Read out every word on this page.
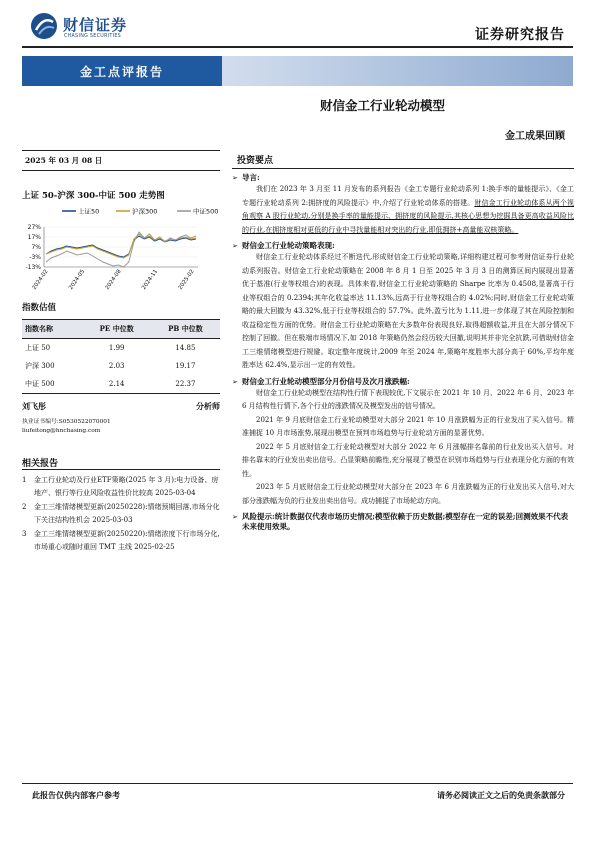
财信证券
CHASING SECURITIES	证券研究报告
金工点评报告
财信金工行业轮动模型
金工成果回顾
2025 年 03 月 08 日
上证 50-沪深 300-中证 500 走势图
上证50	沪深300	中证500
27%
17%
7%
-3%
-13%
2024-02	2024-05	2024-08	2024-11	2025-02
指数估值
指数名称	PE 中位数	PB 中位数
上证 50	1.99	14.85
沪深 300	2.03	19.17
中证 500	2.14	22.37
刘飞彤	分析师
执业证书编号:S0530522070001
liufeitong@hnchasing.com
相关报告
1	金工行业轮动及行业ETF策略(2025 年 3 月):电力设备、房地产、银行等行业风险收益性价比较高 2025-03-04
2	金工三维情绪模型更新(20250228):情绪预期回落,市场分化下关注结构性机会 2025-03-03
3	金工三维情绪模型更新(20250220):情绪浓度下行市场分化,市场重心或随时重回 TMT 主线 2025-02-25
投资要点
➢ 导言:

我们在 2023 年 3 月至 11 月发布的系列报告《金工专题行业轮动系列 1:换手率的量能提示》、《金工专题行业轮动系列 2:拥挤度的风险提示》中,介绍了行业轮动体系的搭建。财信金工行业轮动体系从两个视角观察 A 股行业轮动,分别是换手率的量能提示、拥挤度的风险提示,其核心思想为挖掘具备更高收益风险比的行业,在拥挤度相对更低的行业中寻找量能相对突出的行业,即低拥挤+高量能双核策略。

➢ 财信金工行业轮动策略表现:

财信金工行业轮动体系经过不断迭代,形成财信金工行业轮动策略,详细构建过程可参考财信证券行业轮动系列报告。财信金工行业轮动策略在 2008 年 8 月 1 日至 2025 年 3 月 3 日的测算区间内展现出显著优于基准(行业等权组合)的表现。具体来看,财信金工行业轮动策略的 Sharpe 比率为 0.4508,显著高于行业等权组合的 0.2394;其年化收益率达 11.13%,远高于行业等权组合的 4.02%;同时,财信金工行业轮动策略的最大回撤为 43.32%,低于行业等权组合的 57.7%。此外,盈亏比为 1.11,进一步体现了其在风险控制和收益稳定性方面的优势。财信金工行业轮动策略在大多数年份表现良好,取得超额收益,并且在大部分情况下控制了回撤。但在极端市场情况下,如 2018 年策略仍然会经历较大回撤,说明其并非完全抗跌,可借助财信金工三维情绪模型进行规避。取定整年度统计,2009 年至 2024 年,策略年度胜率大部分高于 60%,平均年度胜率达 62.4%,显示出一定的有效性。

➢ 财信金工行业轮动模型部分月份信号及次月涨跌幅:

财信金工行业轮动模型在结构性行情下表现较优,下文展示在 2021 年 10 月、2022 年 6 月、2023 年 6 月结构性行情下,各个行业的涨跌情况及模型发出的信号情况。

2021 年 9 月底财信金工行业轮动模型对大部分 2021 年 10 月涨跌幅为正的行业发出了买入信号。精准捕捉 10 月市场涨势,展现出模型在预判市场趋势与行业轮动方面的显著优势。

2022 年 5 月底财信金工行业轮动模型对大部分 2022 年 6 月涨幅排名靠前的行业发出买入信号。对排名靠末的行业发出卖出信号。凸显策略前瞻性,充分展现了模型在识别市场趋势与行业表现分化方面的有效性。

2023 年 5 月底财信金工行业轮动模型对大部分在 2023 年 6 月涨跌幅为正的行业发出买入信号,对大部分涨跌幅为负的行业发出卖出信号。成功捕捉了市场轮动方向。

➢ 风险提示:统计数据仅代表市场历史情况;模型依赖于历史数据;模型存在一定的误差;回测效果不代表未来使用效果。
此报告仅供内部客户参考	请务必阅读正文之后的免责条款部分
